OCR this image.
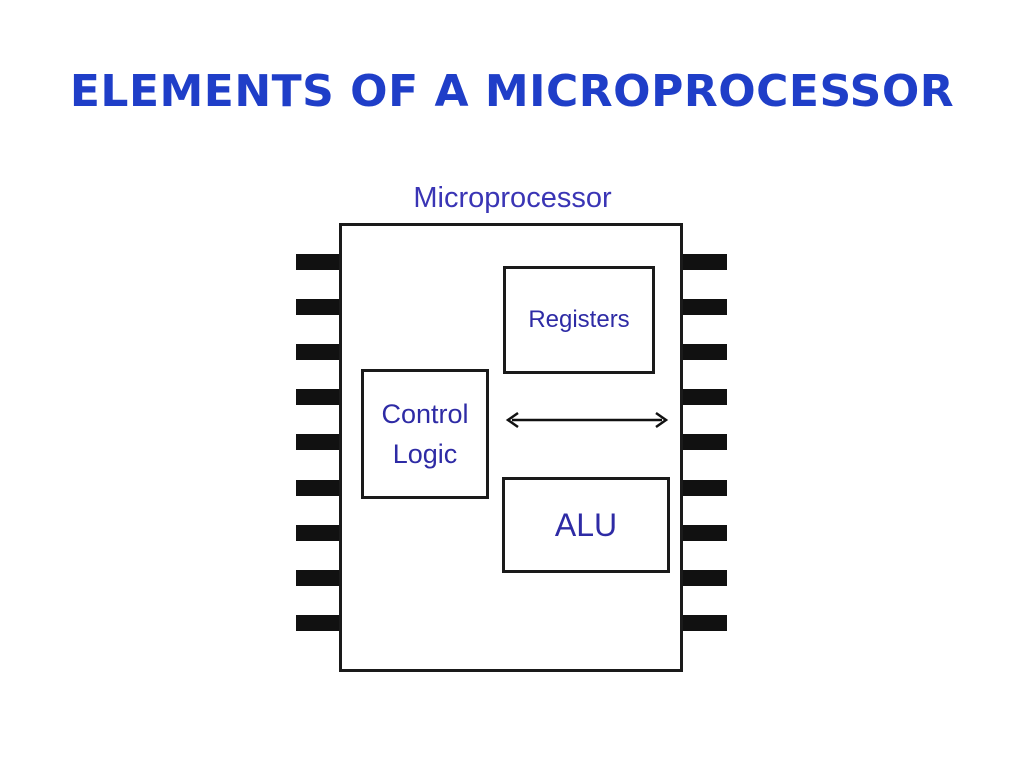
ELEMENTS OF A MICROPROCESSOR
Microprocessor
Registers
Control
Logic
ALU
